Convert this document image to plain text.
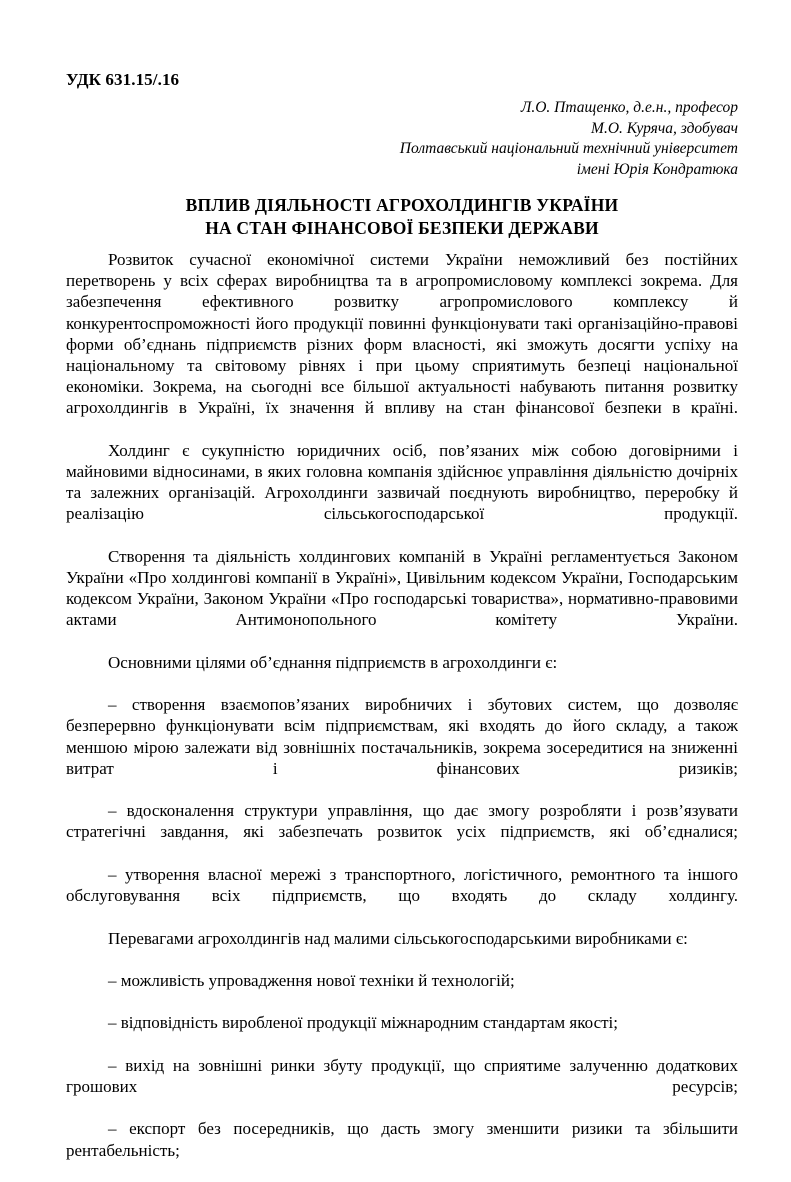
УДК 631.15/.16
Л.О. Птащенко, д.е.н., професор
М.О. Куряча, здобувач
Полтавський національний технічний університет
імені Юрія Кондратюка
ВПЛИВ ДІЯЛЬНОСТІ АГРОХОЛДИНГІВ УКРАЇНИ
НА СТАН ФІНАНСОВОЇ БЕЗПЕКИ ДЕРЖАВИ

Розвиток сучасної економічної системи України неможливий без постійних перетворень у всіх сферах виробництва та в агропромисловому комплексі зокрема. Для забезпечення ефективного розвитку агропромислового комплексу й конкурентоспроможності його продукції повинні функціонувати такі організаційно-правові форми об’єднань підприємств різних форм власності, які зможуть досягти успіху на національному та світовому рівнях і при цьому сприятимуть безпеці національної економіки. Зокрема, на сьогодні все більшої актуальності набувають питання розвитку агрохолдингів в Україні, їх значення й впливу на стан фінансової безпеки в країні.

Холдинг є сукупністю юридичних осіб, пов’язаних між собою договірними і майновими відносинами, в яких головна компанія здійснює управління діяльністю дочірніх та залежних організацій. Агрохолдинги зазвичай поєднують виробництво, переробку й реалізацію сільськогосподарської продукції.

Створення та діяльність холдингових компаній в Україні регламентується Законом України «Про холдингові компанії в Україні», Цивільним кодексом України, Господарським кодексом України, Законом України «Про господарські товариства», нормативно-правовими актами Антимонопольного комітету України.

Основними цілями об’єднання підприємств в агрохолдинги є:

– створення взаємопов’язаних виробничих і збутових систем, що дозволяє безперервно функціонувати всім підприємствам, які входять до його складу, а також меншою мірою залежати від зовнішніх постачальників, зокрема зосередитися на зниженні витрат і фінансових ризиків;

– вдосконалення структури управління, що дає змогу розробляти і розв’язувати стратегічні завдання, які забезпечать розвиток усіх підприємств, які об’єдналися;

– утворення власної мережі з транспортного, логістичного, ремонтного та іншого обслуговування всіх підприємств, що входять до складу холдингу.

Перевагами агрохолдингів над малими сільськогосподарськими виробниками є:

– можливість упровадження нової техніки й технологій;

– відповідність виробленої продукції міжнародним стандартам якості;

– вихід на зовнішні ринки збуту продукції, що сприятиме залученню додаткових грошових ресурсів;

– експорт без посередників, що дасть змогу зменшити ризики та збільшити рентабельність;
